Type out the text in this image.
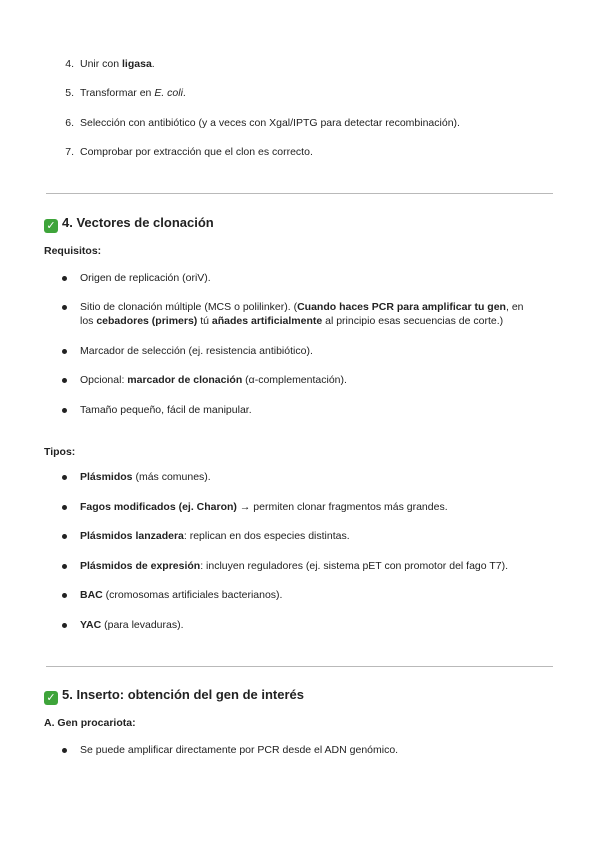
4. Unir con ligasa.
5. Transformar en E. coli.
6. Selección con antibiótico (y a veces con Xgal/IPTG para detectar recombinación).
7. Comprobar por extracción que el clon es correcto.
✓ 4. Vectores de clonación
Requisitos:
Origen de replicación (oriV).
Sitio de clonación múltiple (MCS o polilinker). (Cuando haces PCR para amplificar tu gen, en
los cebadores (primers) tú añades artificialmente al principio esas secuencias de corte.)
Marcador de selección (ej. resistencia antibiótico).
Opcional: marcador de clonación (α-complementación).
Tamaño pequeño, fácil de manipular.
Tipos:
Plásmidos (más comunes).
Fagos modificados (ej. Charon) → permiten clonar fragmentos más grandes.
Plásmidos lanzadera: replican en dos especies distintas.
Plásmidos de expresión: incluyen reguladores (ej. sistema pET con promotor del fago T7).
BAC (cromosomas artificiales bacterianos).
YAC (para levaduras).
✓ 5. Inserto: obtención del gen de interés
A. Gen procariota:
Se puede amplificar directamente por PCR desde el ADN genómico.
